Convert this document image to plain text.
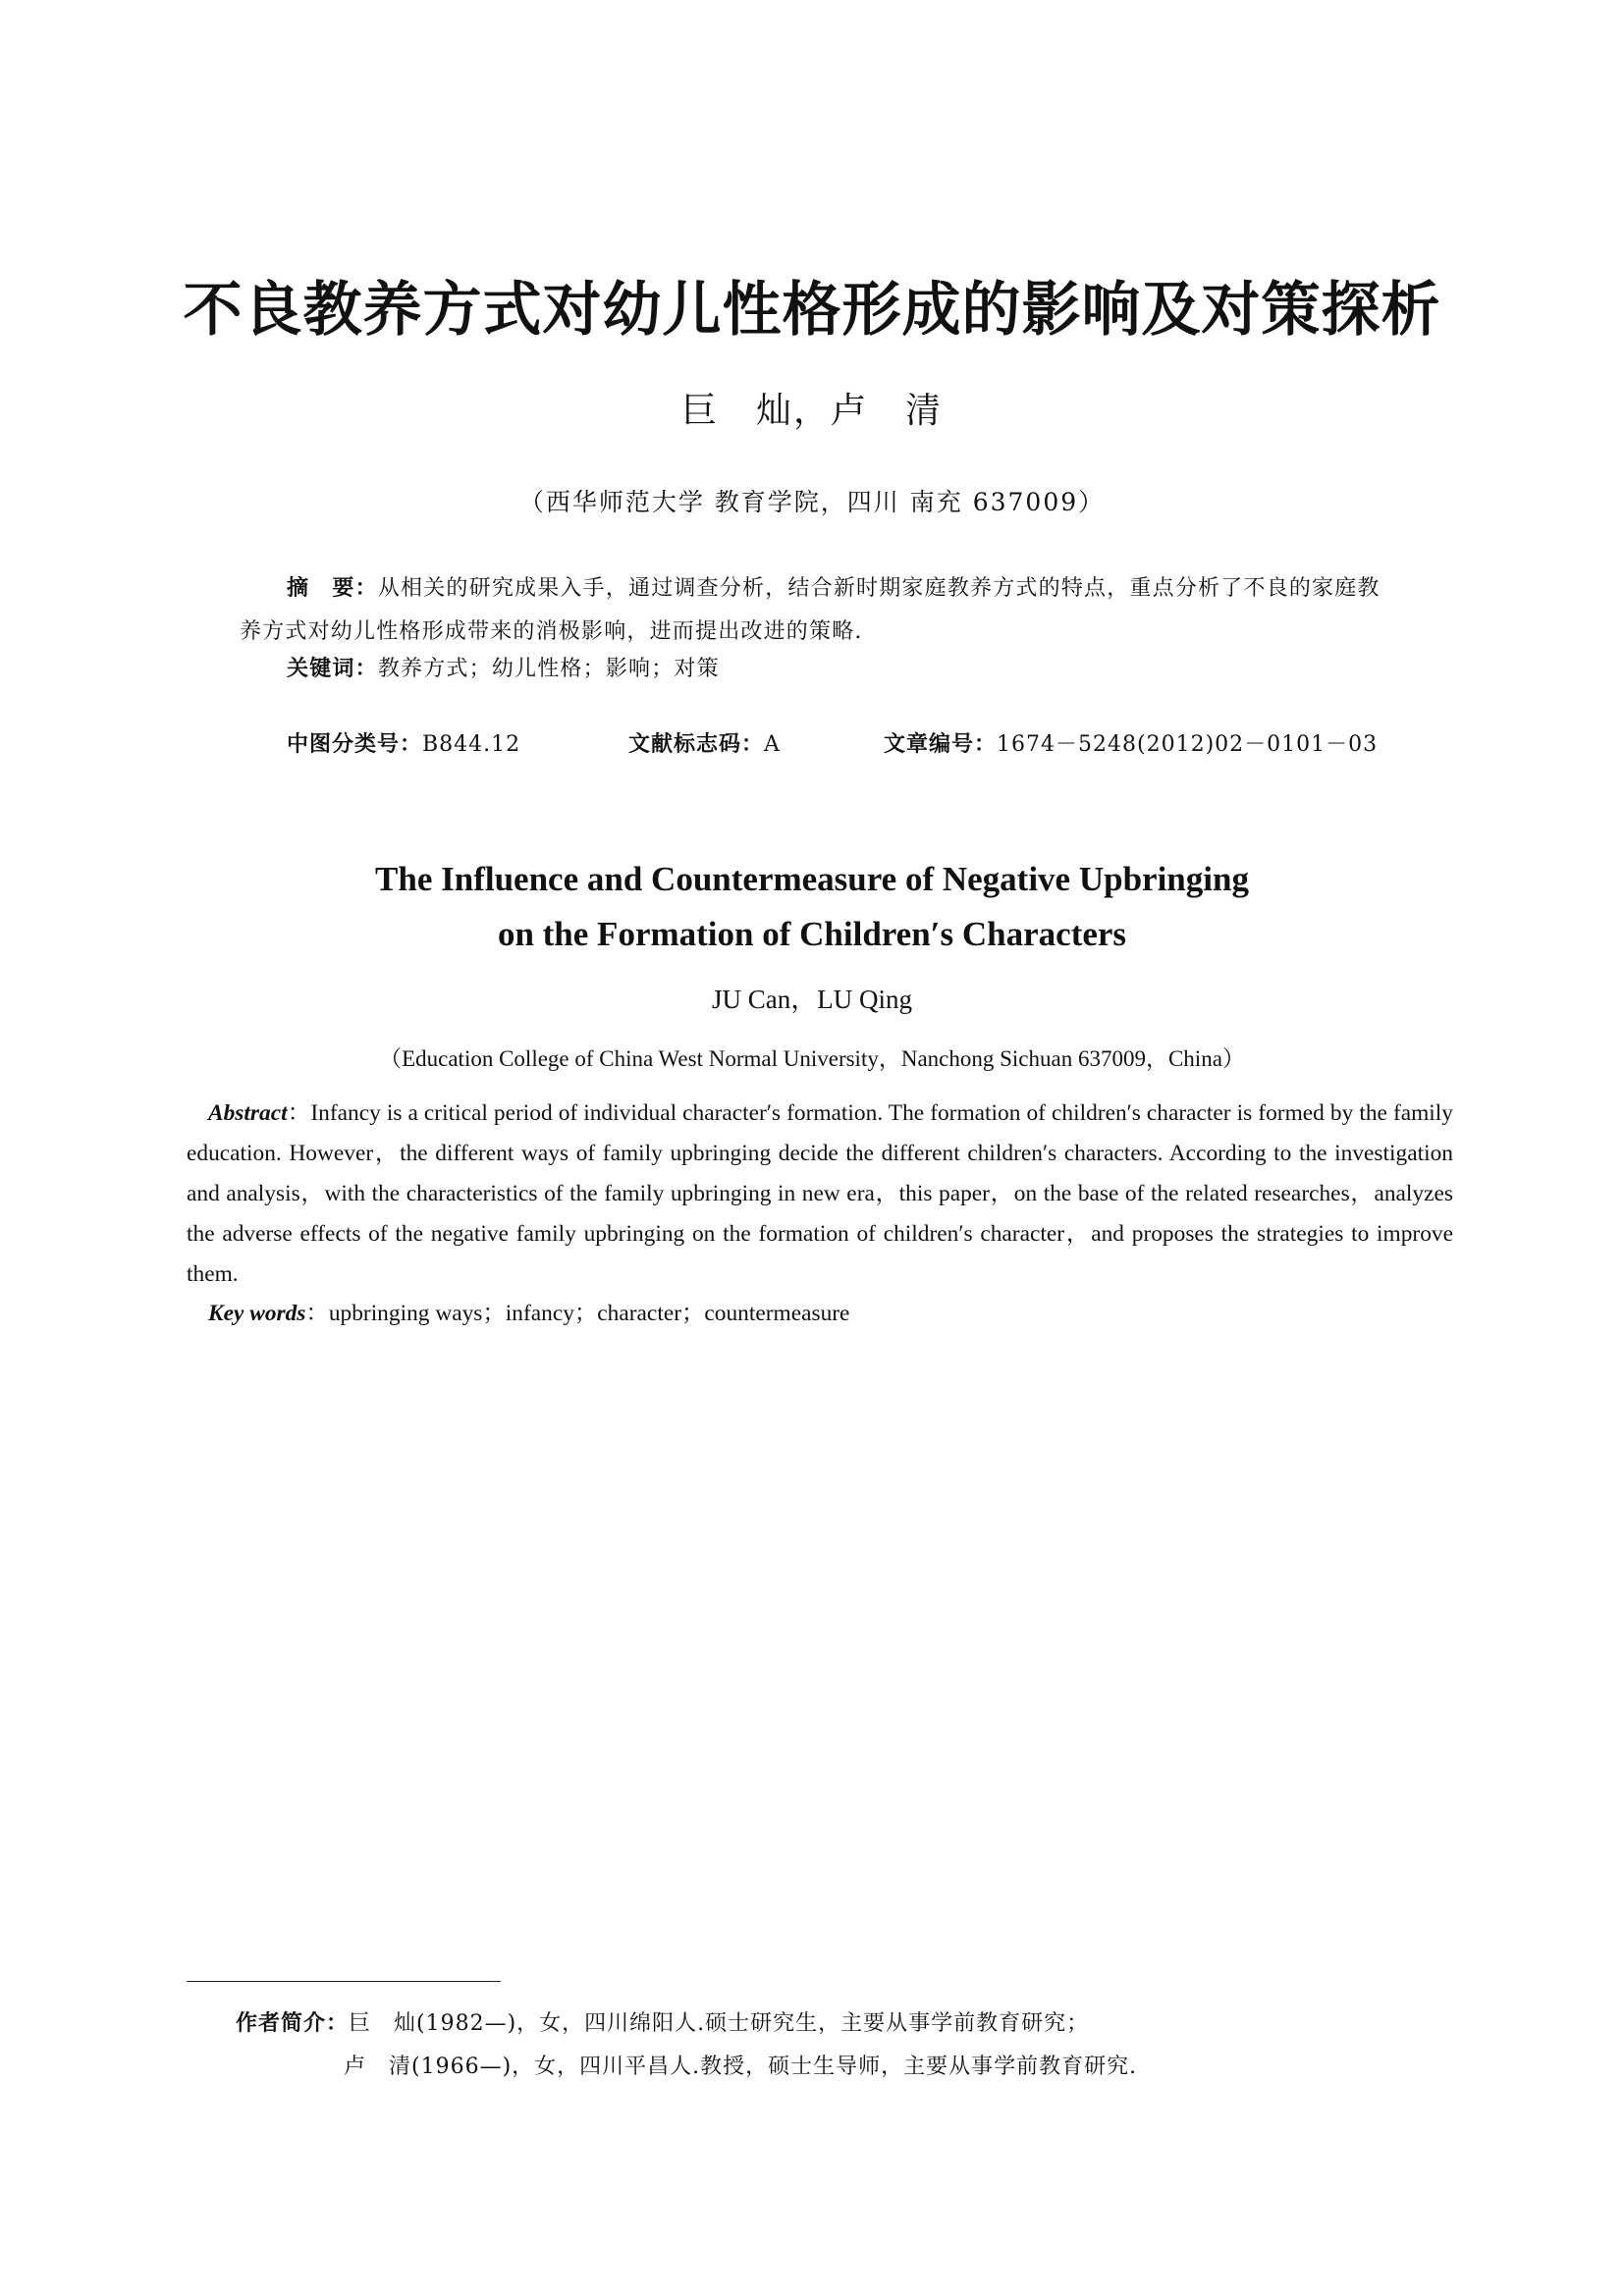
不良教养方式对幼儿性格形成的影响及对策探析
巨　灿，卢　清
（西华师范大学 教育学院，四川 南充 637009）
摘　要：从相关的研究成果入手，通过调查分析，结合新时期家庭教养方式的特点，重点分析了不良的家庭教养方式对幼儿性格形成带来的消极影响，进而提出改进的策略.
关键词：教养方式；幼儿性格；影响；对策
中图分类号：B844.12	文献标志码：A	文章编号：1674－5248(2012)02－0101－03
The Influence and Countermeasure of Negative Upbringing
on the Formation of Children′s Characters
JU Can，LU Qing
（Education College of China West Normal University，Nanchong Sichuan 637009，China）
Abstract：Infancy is a critical period of individual character′s formation. The formation of children′s character is formed by the family education. However，the different ways of family upbringing decide the different children′s characters. According to the investigation and analysis，with the characteristics of the family upbringing in new era，this paper，on the base of the related researches，analyzes the adverse effects of the negative family upbringing on the formation of children′s character，and proposes the strategies to improve them.
Key words：upbringing ways；infancy；character；countermeasure
作者简介：巨　灿(1982—)，女，四川绵阳人.硕士研究生，主要从事学前教育研究；
卢　清(1966—)，女，四川平昌人.教授，硕士生导师，主要从事学前教育研究.
